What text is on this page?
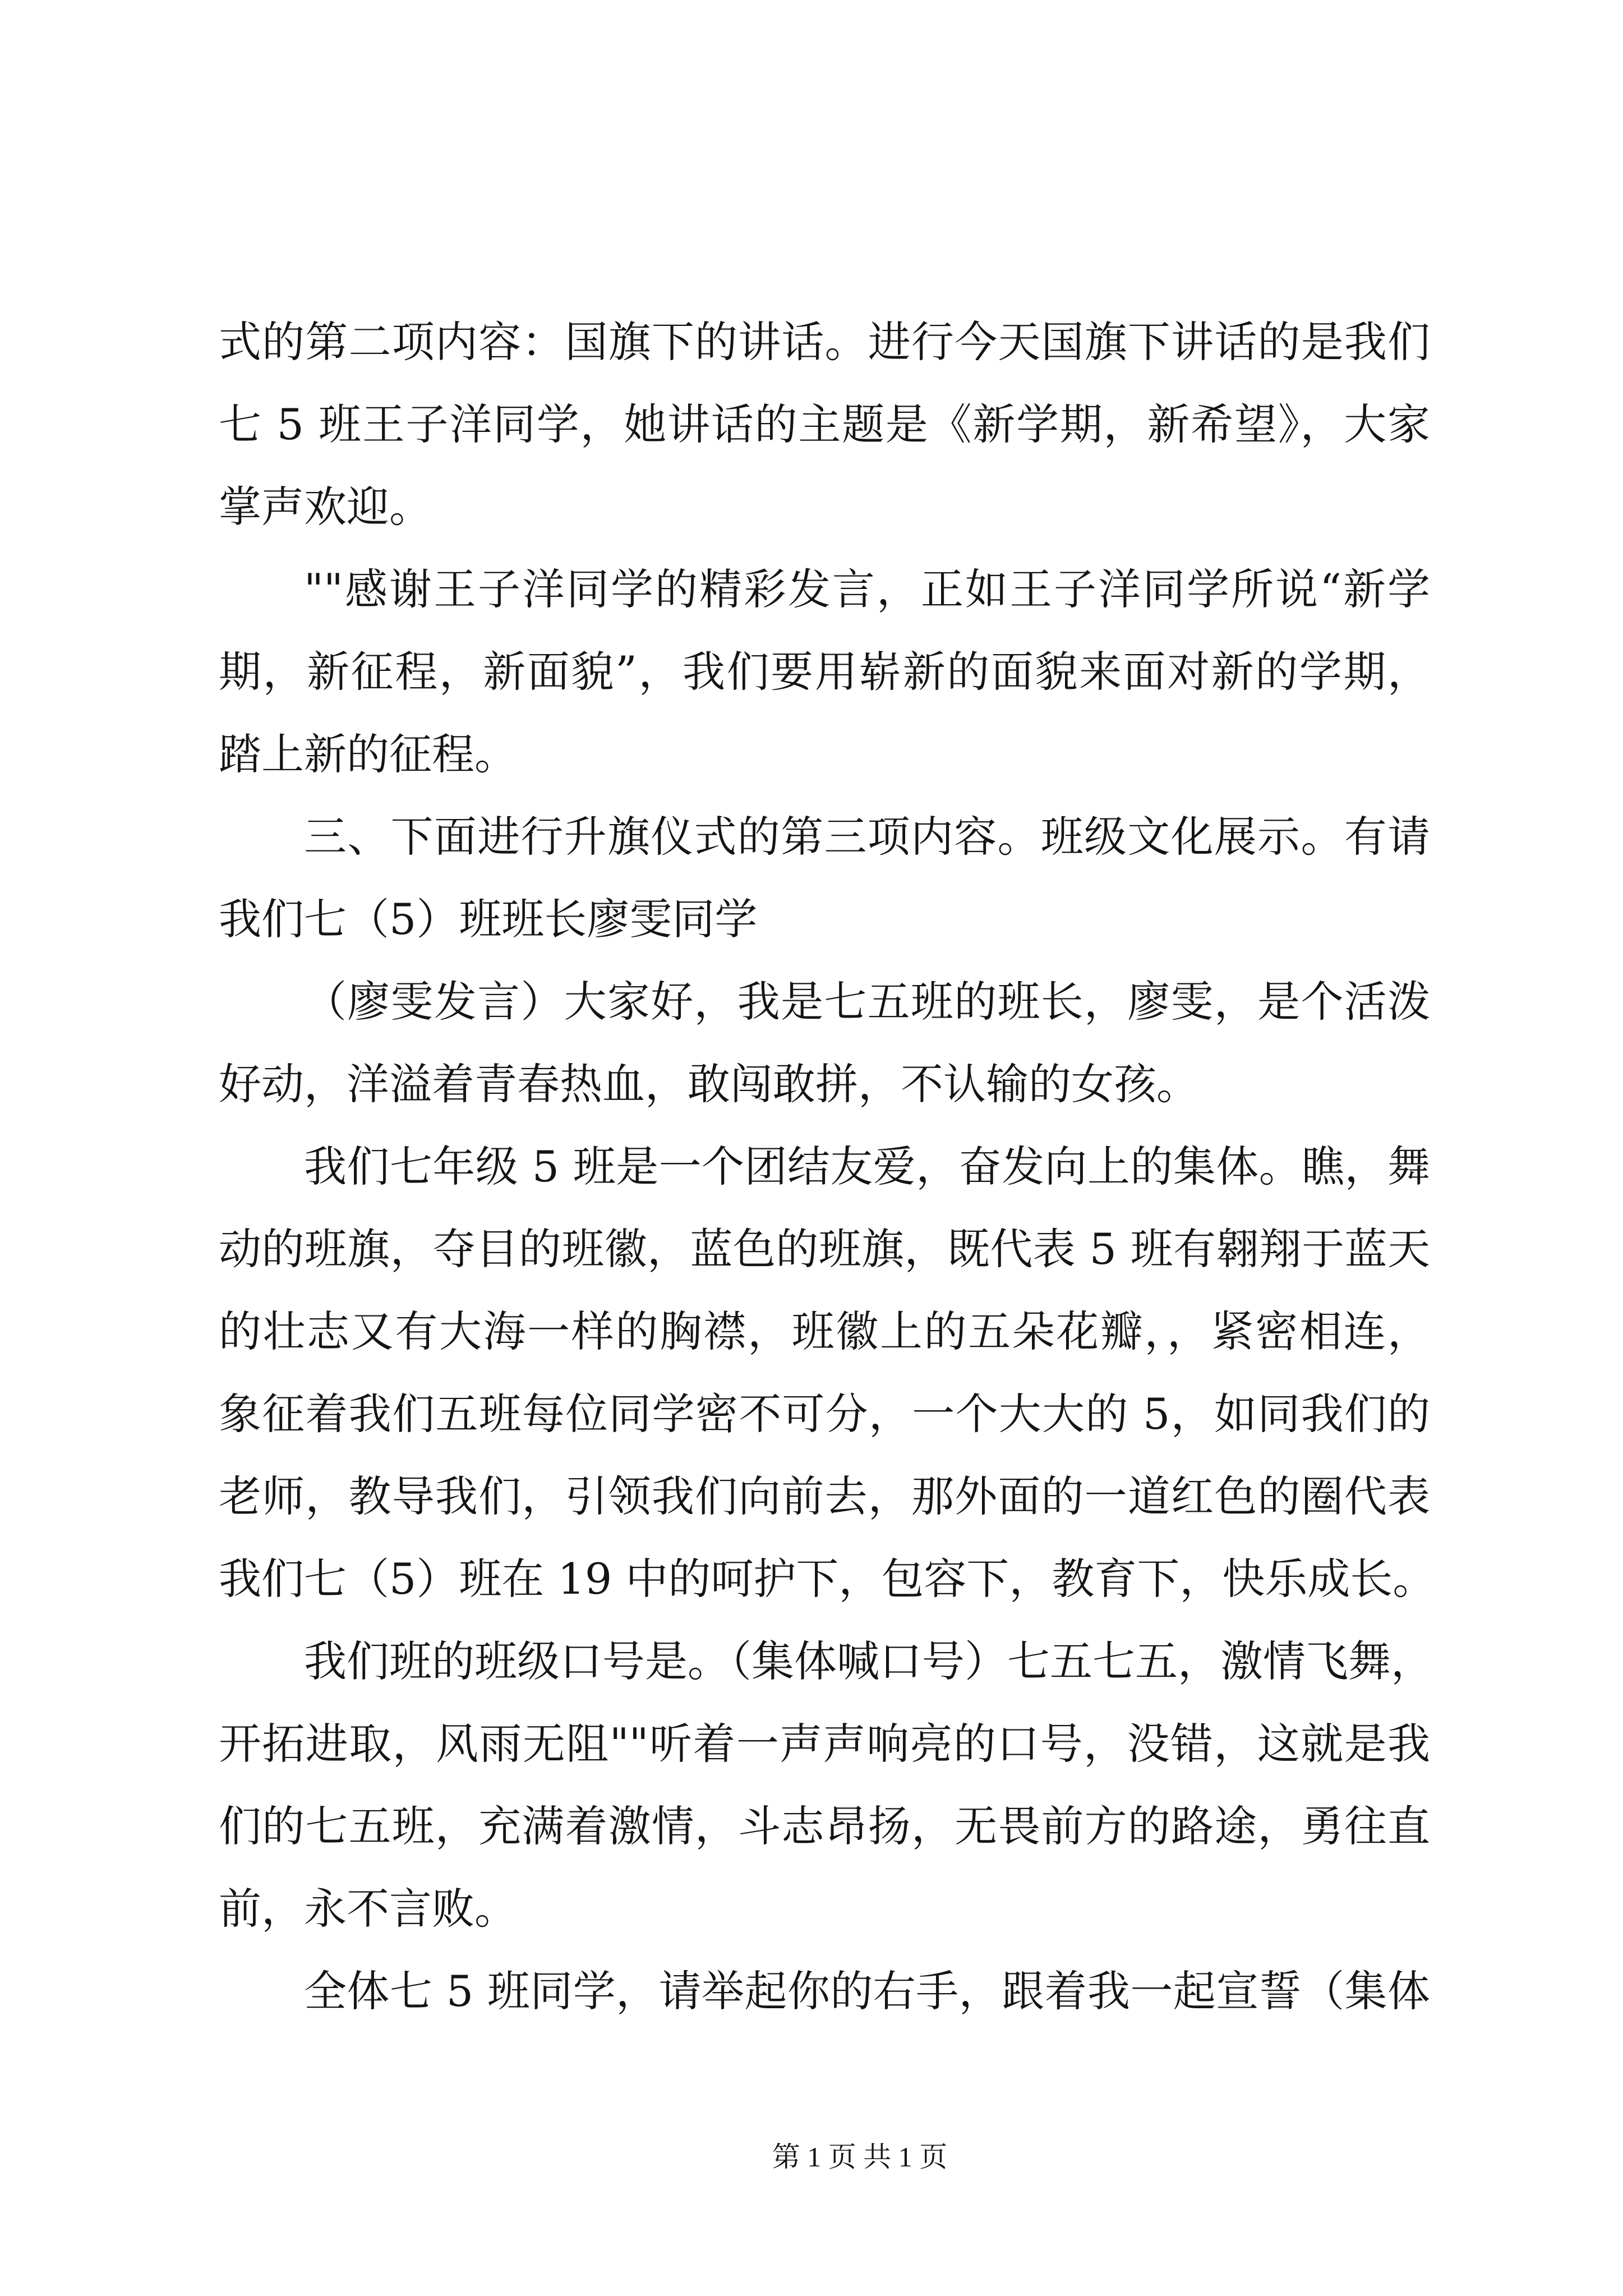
式的第二项内容：国旗下的讲话。进行今天国旗下讲话的是我们
七 5 班王子洋同学，她讲话的主题是《新学期，新希望》，大家
掌声欢迎。
""感谢王子洋同学的精彩发言，正如王子洋同学所说“新学
期，新征程，新面貌”，我们要用崭新的面貌来面对新的学期，
踏上新的征程。
三、下面进行升旗仪式的第三项内容。班级文化展示。有请
我们七（5）班班长廖雯同学
（廖雯发言）大家好，我是七五班的班长，廖雯，是个活泼
好动，洋溢着青春热血，敢闯敢拼，不认输的女孩。
我们七年级 5 班是一个团结友爱，奋发向上的集体。瞧，舞
动的班旗，夺目的班徽，蓝色的班旗，既代表 5 班有翱翔于蓝天
的壮志又有大海一样的胸襟，班徽上的五朵花瓣，，紧密相连，
象征着我们五班每位同学密不可分，一个大大的 5，如同我们的
老师，教导我们，引领我们向前去，那外面的一道红色的圈代表
我们七（5）班在 19 中的呵护下，包容下，教育下，快乐成长。
我们班的班级口号是。（集体喊口号）七五七五，激情飞舞，
开拓进取，风雨无阻""听着一声声响亮的口号，没错，这就是我
们的七五班，充满着激情，斗志昂扬，无畏前方的路途，勇往直
前，永不言败。
全体七 5 班同学，请举起你的右手，跟着我一起宣誓（集体
第 1 页 共 1 页
